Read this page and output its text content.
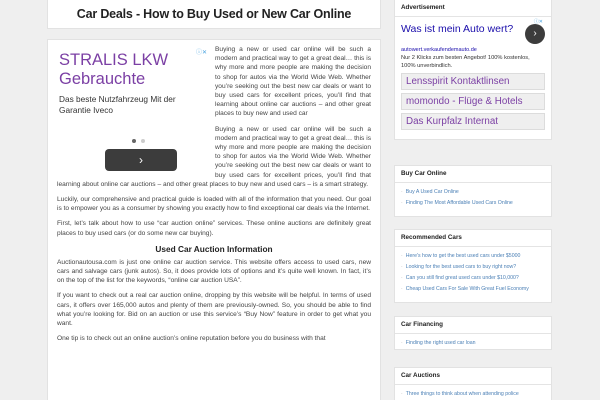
Car Deals - How to Buy Used or New Car Online
ⓘ✕
STRALIS LKW Gebrauchte
Das beste Nutzfahrzeug Mit der Garantie Iveco
›

Buying a new or used car online will be such a modern and practical way to get a great deal… this is why more and more people are making the decision to shop for autos via the World Wide Web. Whether you’re seeking out the best new car deals or want to buy used cars for excellent prices, you’ll find that learning about online car auctions – and other great places to buy new and used car

Buying a new or used car online will be such a modern and practical way to get a great deal… this is why more and more people are making the decision to shop for autos via the World Wide Web. Whether you’re seeking out the best new car deals or want to buy used cars for excellent prices, you’ll find that learning about online car auctions – and other great places to buy new and used cars – is a smart strategy.

Luckily, our comprehensive and practical guide is loaded with all of the information that you need. Our goal is to empower you as a consumer by showing you exactly how to find exceptional car deals via the Internet.

First, let’s talk about how to use “car auction online” services. These online auctions are definitely great places to buy used cars (or do some new car buying).

Used Car Auction Information

Auctionautousa.com is just one online car auction service. This website offers access to used cars, new cars and salvage cars (junk autos). So, it does provide lots of options and it’s quite well known. In fact, it’s on the top of the list for the keywords, “online car auction USA”.

If you want to check out a real car auction online, dropping by this website will be helpful. In terms of used cars, it offers over 165,000 autos and plenty of them are previously-owned. So, you should be able to find what you’re looking for. Bid on an auction or use this service’s “Buy Now” feature in order to get what you want.

One tip is to check out an online auction’s online reputation before you do business with that

Advertisement
ⓘ✕
Was ist mein Auto wert?	›
autowert.verkaufendemauto.de
Nur 2 Klicks zum besten Angebot! 100% kostenlos, 100% unverbindlich.
Lensspirit Kontaktlinsen
momondo - Flüge & Hotels
Das Kurpfalz Internat
Buy Car Online
· Buy A Used Car Online
· Finding The Most Affordable Used Cars Online
Recommended Cars
· Here's how to get the best used cars under $5000
· Looking for the best used cars to buy right now?
· Can you still find great used cars under $10,000?
· Cheap Used Cars For Sale With Great Fuel Economy
Car Financing
· Finding the right used car loan
Car Auctions
· Three things to think about when attending police
